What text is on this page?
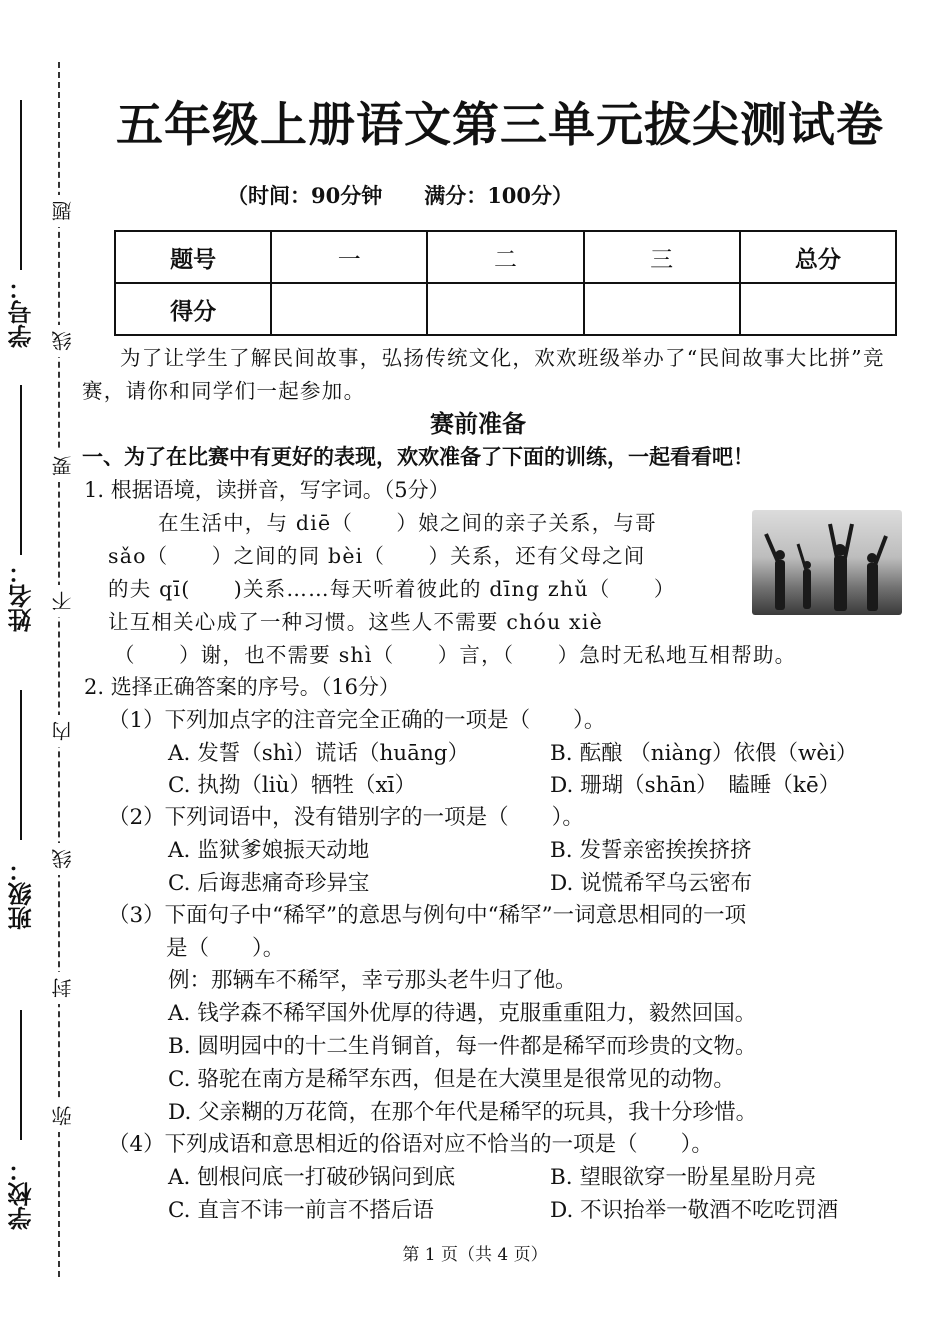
学号：
姓名：
班级：
学校：
题
线
要
不
内
线
封
弥
五年级上册语文第三单元拔尖测试卷
（时间：90分钟　　满分：100分）
题号	一	二	三	总分
得分				
为了让学生了解民间故事，弘扬传统文化，欢欢班级举办了“民间故事大比拼”竞赛，请你和同学们一起参加。
赛前准备
一、为了在比赛中有更好的表现，欢欢准备了下面的训练，一起看看吧！
1. 根据语境，读拼音，写字词。（5分）
在生活中，与 diē（　　）娘之间的亲子关系，与哥
sǎo（　　）之间的同 bèi（　　）关系，还有父母之间
的夫 qī(　　)关系……每天听着彼此的 dīng zhǔ（　　）
让互相关心成了一种习惯。这些人不需要 chóu xiè
（　　）谢，也不需要 shì（　　）言，（　　）急时无私地互相帮助。
2. 选择正确答案的序号。（16分）
（1）下列加点字的注音完全正确的一项是（　　）。
A. 发誓（shì）谎话（huāng）	B. 酝酿 （niàng）依偎（wèi）
C. 执拗（liù）牺牲（xī）	D. 珊瑚（shān）　瞌睡（kē）
（2）下列词语中，没有错别字的一项是（　　）。
A. 监狱爹娘振天动地	B. 发誓亲密挨挨挤挤
C. 后诲悲痛奇珍异宝	D. 说慌希罕乌云密布
（3）下面句子中“稀罕”的意思与例句中“稀罕”一词意思相同的一项
是（　　）。
例：那辆车不稀罕，幸亏那头老牛归了他。
A. 钱学森不稀罕国外优厚的待遇，克服重重阻力，毅然回国。
B. 圆明园中的十二生肖铜首，每一件都是稀罕而珍贵的文物。
C. 骆驼在南方是稀罕东西，但是在大漠里是很常见的动物。
D. 父亲糊的万花筒，在那个年代是稀罕的玩具，我十分珍惜。
（4）下列成语和意思相近的俗语对应不恰当的一项是（　　）。
A. 刨根问底一打破砂锅问到底	B. 望眼欲穿一盼星星盼月亮
C. 直言不讳一前言不搭后语	D. 不识抬举一敬酒不吃吃罚酒
第 1 页（共 4 页）
